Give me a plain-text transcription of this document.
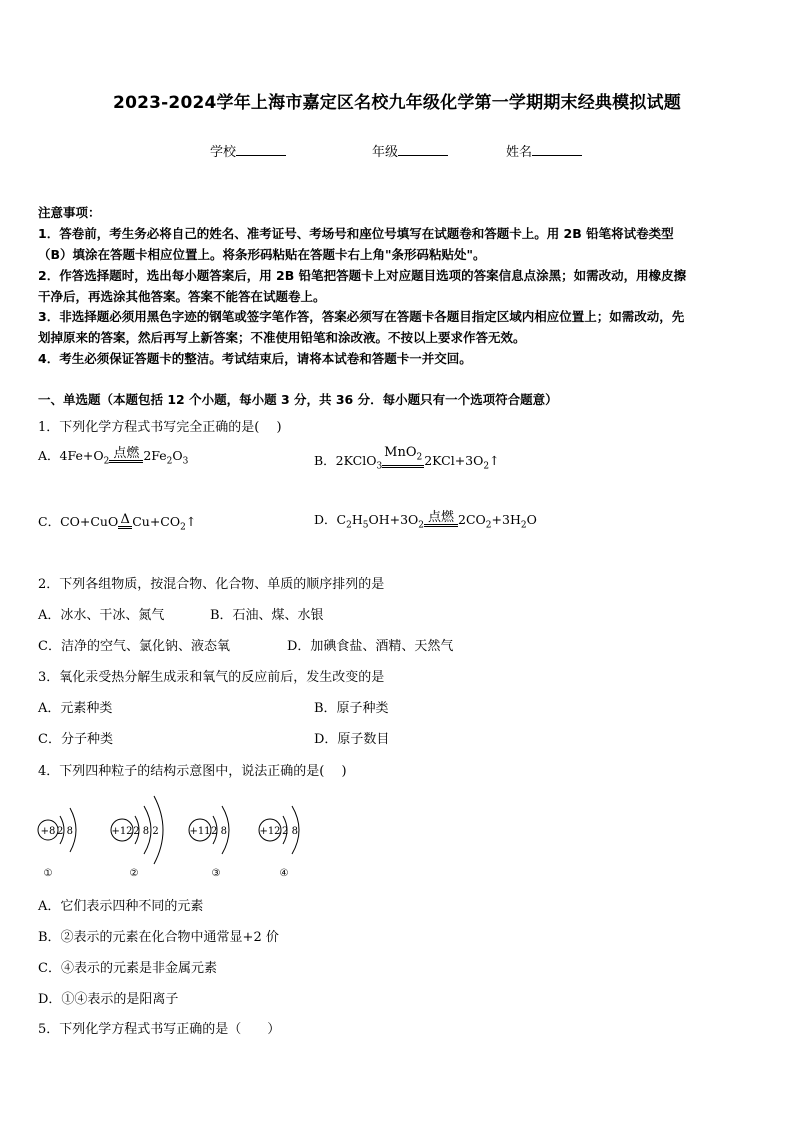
2023-2024学年上海市嘉定区名校九年级化学第一学期期末经典模拟试题
学校	年级	姓名
注意事项：
1．答卷前，考生务必将自己的姓名、准考证号、考场号和座位号填写在试题卷和答题卡上。用 2B 铅笔将试卷类型
（B）填涂在答题卡相应位置上。将条形码粘贴在答题卡右上角"条形码粘贴处"。
2．作答选择题时，选出每小题答案后，用 2B 铅笔把答题卡上对应题目选项的答案信息点涂黑；如需改动，用橡皮擦
干净后，再选涂其他答案。答案不能答在试题卷上。
3．非选择题必须用黑色字迹的钢笔或签字笔作答，答案必须写在答题卡各题目指定区域内相应位置上；如需改动，先
划掉原来的答案，然后再写上新答案；不准使用铅笔和涂改液。不按以上要求作答无效。
4．考生必须保证答题卡的整洁。考试结束后，请将本试卷和答题卡一并交回。
一、单选题（本题包括 12 个小题，每小题 3 分，共 36 分．每小题只有一个选项符合题意）
1．下列化学方程式书写完全正确的是(　 )
A．$4Fe+O_2$
点燃 $2Fe_2O_3$	B．2KClO$_3$
MnO$_2$ $2KCl+3O_2↑$
C．CO+CuO Δ $Cu+CO_2↑$	D．$C_2H_5OH+3O_2$
点燃 $2CO_2+3H_2O$
2．下列各组物质，按混合物、化合物、单质的顺序排列的是
A．冰水、干冰、氮气	B．石油、煤、水银
C．洁净的空气、氯化钠、液态氧	D．加碘食盐、酒精、天然气
3．氧化汞受热分解生成汞和氧气的反应前后，发生改变的是
A．元素种类	B．原子种类
C．分子种类	D．原子数目
4．下列四种粒子的结构示意图中，说法正确的是(　 )
+8 2 8
①
+12 2 8 2
②
+11 2 8
③
+12 2 8
④
A．它们表示四种不同的元素
B．②表示的元素在化合物中通常显+2 价
C．④表示的元素是非金属元素
D．①④表示的是阳离子
5．下列化学方程式书写正确的是（　　）
